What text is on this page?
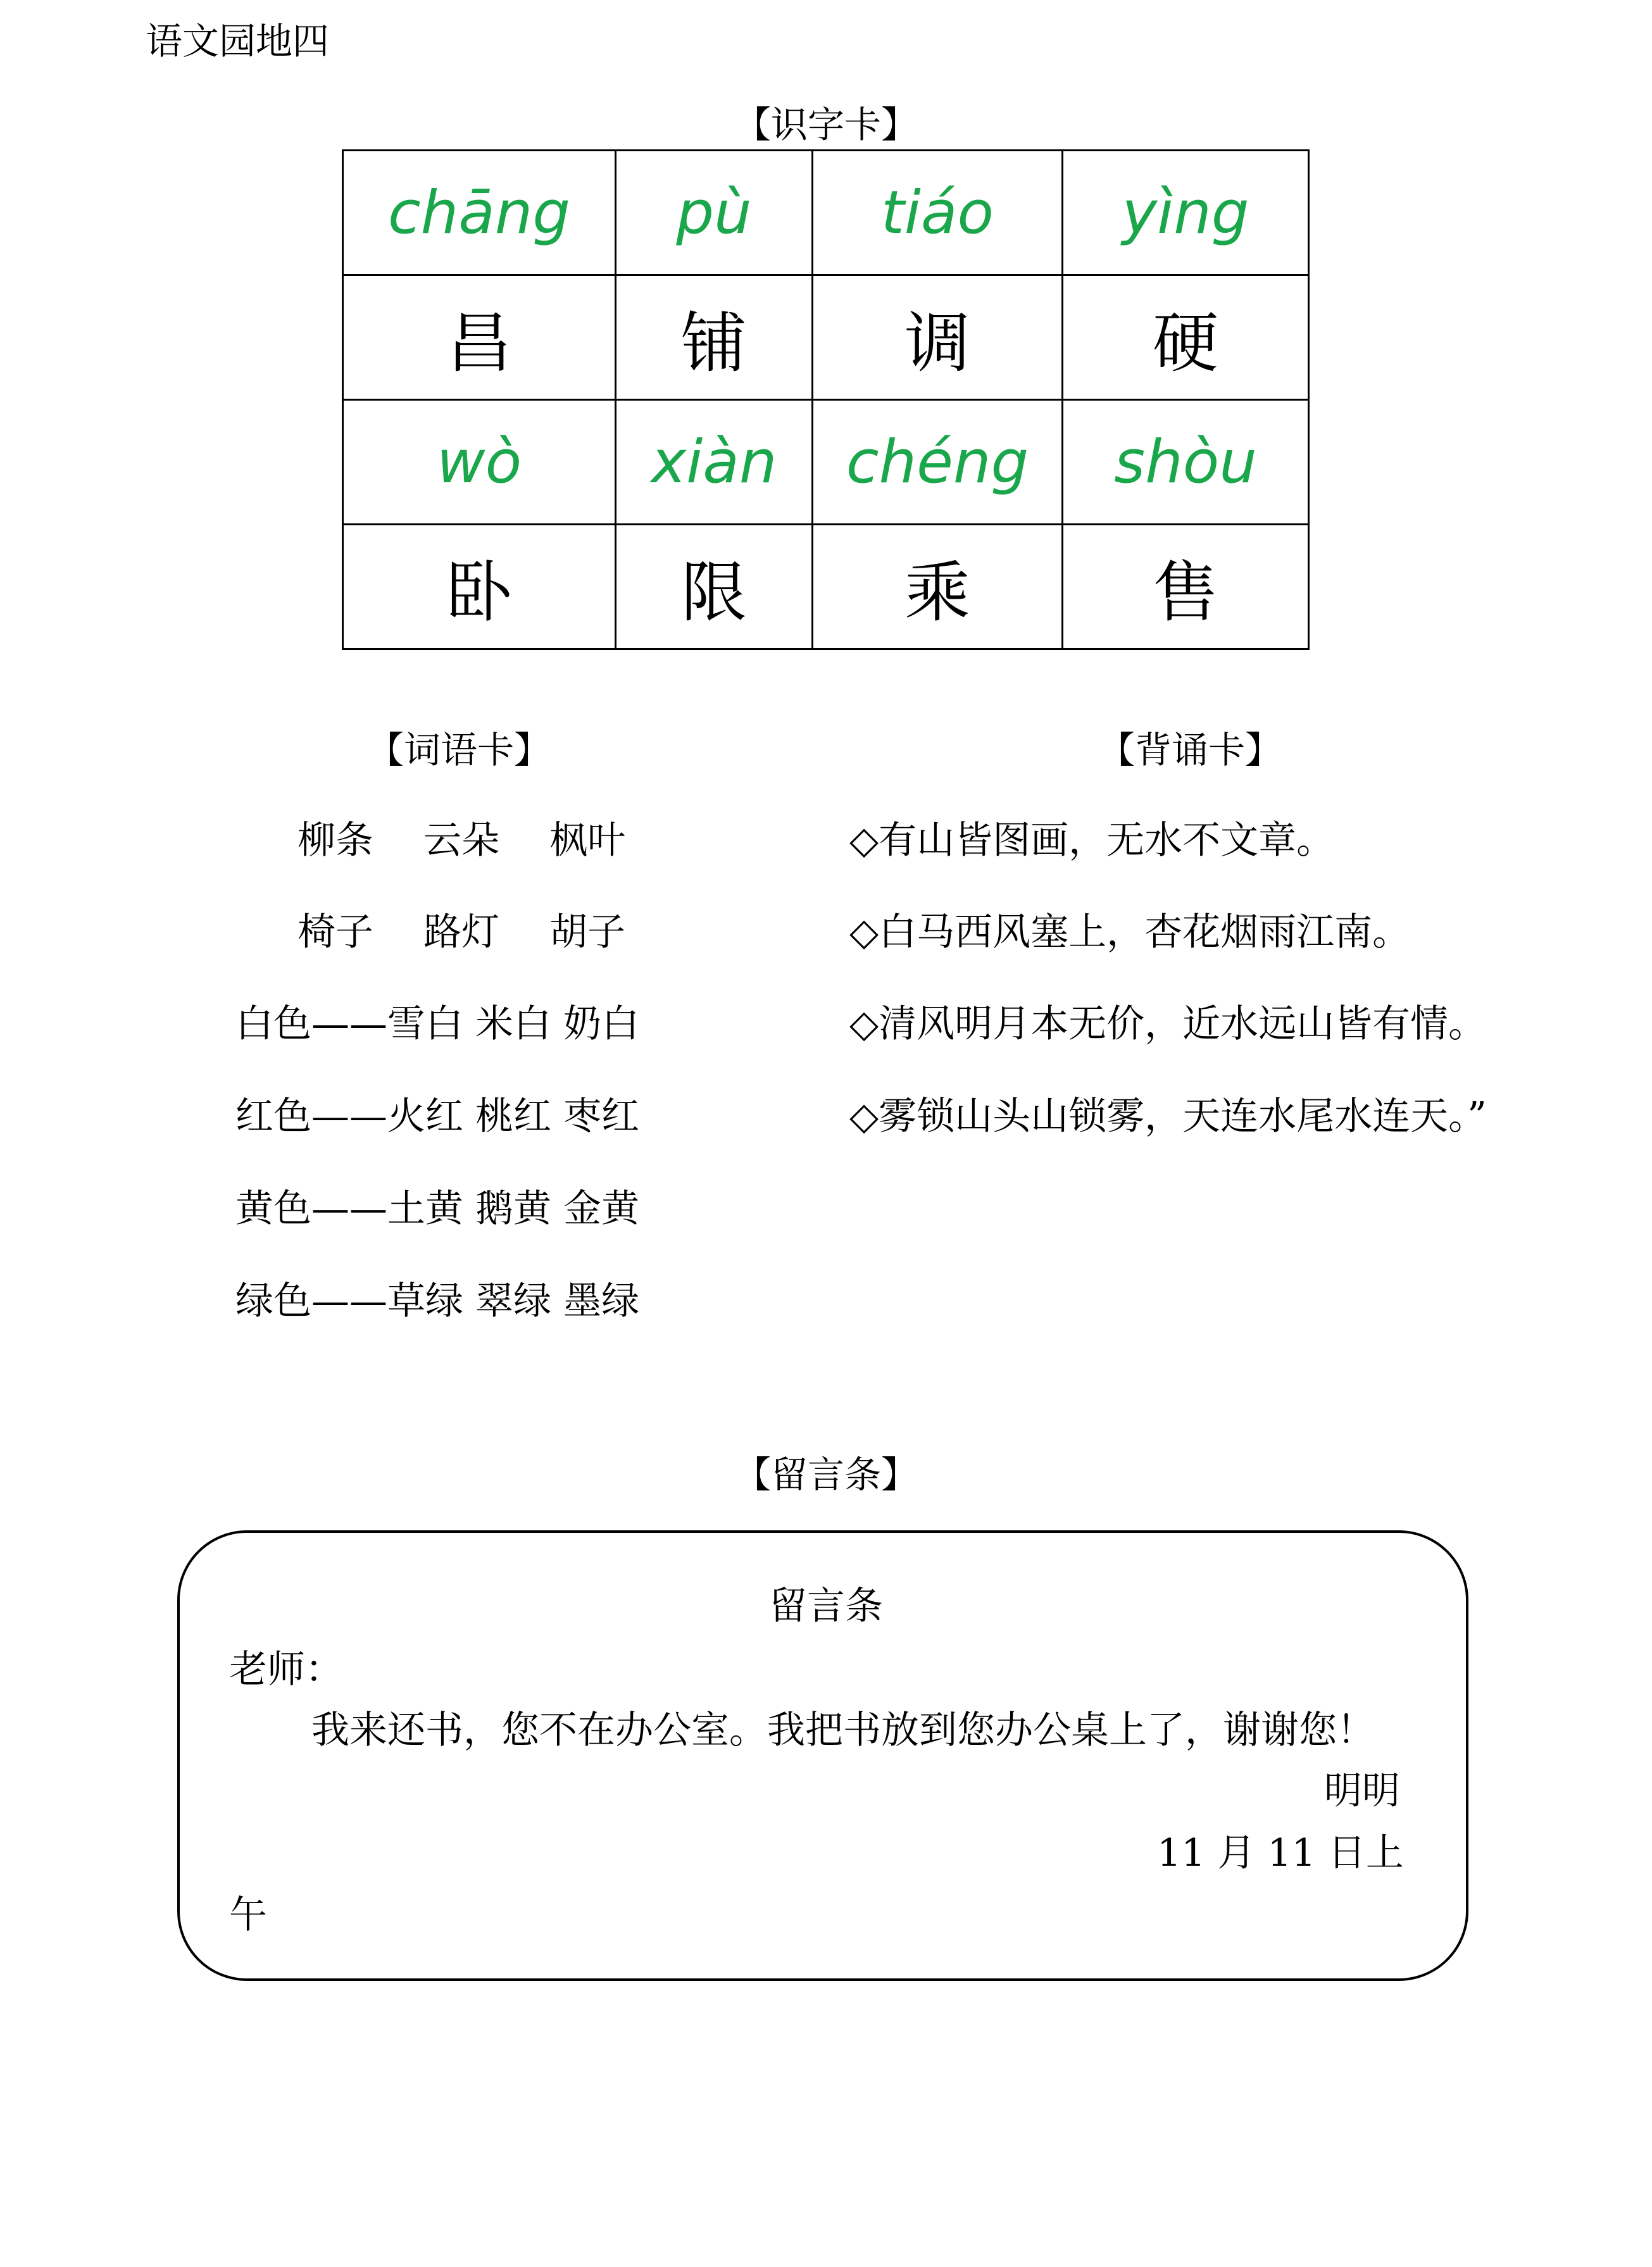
语文园地四
【识字卡】
chāng	pù	tiáo	yìng
昌	铺	调	硬
wò	xiàn	chéng	shòu
卧	限	乘	售
【词语卡】	【背诵卡】
柳条　 云朵　 枫叶
椅子　 路灯　 胡子
白色——雪白 米白 奶白
红色——火红 桃红 枣红
黄色——土黄 鹅黄 金黄
绿色——草绿 翠绿 墨绿
◇有山皆图画，无水不文章。
◇白马西风塞上，杏花烟雨江南。
◇清风明月本无价，近水远山皆有情。
◇雾锁山头山锁雾，天连水尾水连天。”
【留言条】
留言条
老师：
我来还书，您不在办公室。我把书放到您办公桌上了，谢谢您！
明明
11 月 11 日上
午
